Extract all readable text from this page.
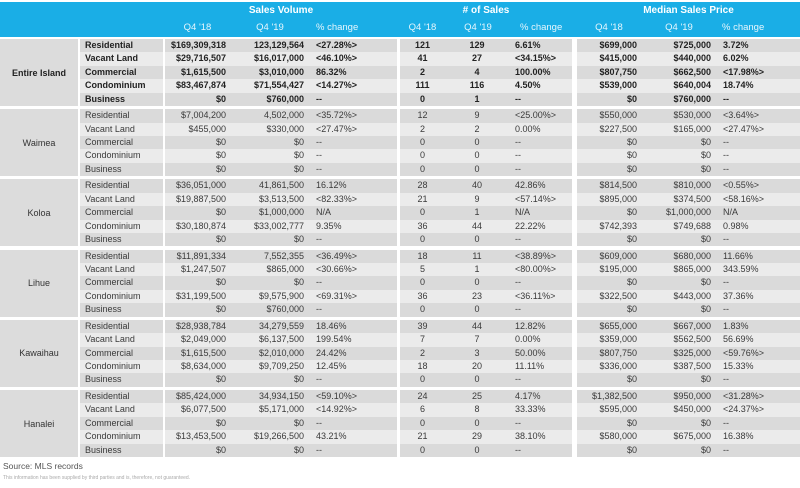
Sales Volume	# of Sales	Median Sales Price
Q4 '18	Q4 '19	% change	Q4 '18	Q4 '19	% change	Q4 '18	Q4 '19	% change
Entire Island
Residential	$169,309,318	123,129,564	<27.28%>	121	129	6.61%	$699,000	$725,000	3.72%
Vacant Land	$29,716,507	$16,017,000	<46.10%>	41	27	<34.15%>	$415,000	$440,000	6.02%
Commercial	$1,615,500	$3,010,000	86.32%	2	4	100.00%	$807,750	$662,500	<17.98%>
Condominium	$83,467,874	$71,554,427	<14.27%>	111	116	4.50%	$539,000	$640,004	18.74%
Business	$0	$760,000	--	0	1	--	$0	$760,000	--
Waimea
Residential	$7,004,200	4,502,000	<35.72%>	12	9	<25.00%>	$550,000	$530,000	<3.64%>
Vacant Land	$455,000	$330,000	<27.47%>	2	2	0.00%	$227,500	$165,000	<27.47%>
Commercial	$0	$0	--	0	0	--	$0	$0	--
Condominium	$0	$0	--	0	0	--	$0	$0	--
Business	$0	$0	--	0	0	--	$0	$0	--
Koloa
Residential	$36,051,000	41,861,500	16.12%	28	40	42.86%	$814,500	$810,000	<0.55%>
Vacant Land	$19,887,500	$3,513,500	<82.33%>	21	9	<57.14%>	$895,000	$374,500	<58.16%>
Commercial	$0	$1,000,000	N/A	0	1	N/A	$0	$1,000,000	N/A
Condominium	$30,180,874	$33,002,777	9.35%	36	44	22.22%	$742,393	$749,688	0.98%
Business	$0	$0	--	0	0	--	$0	$0	--
Lihue
Residential	$11,891,334	7,552,355	<36.49%>	18	11	<38.89%>	$609,000	$680,000	11.66%
Vacant Land	$1,247,507	$865,000	<30.66%>	5	1	<80.00%>	$195,000	$865,000	343.59%
Commercial	$0	$0	--	0	0	--	$0	$0	--
Condominium	$31,199,500	$9,575,900	<69.31%>	36	23	<36.11%>	$322,500	$443,000	37.36%
Business	$0	$760,000	--	0	0	--	$0	$0	--
Kawaihau
Residential	$28,938,784	34,279,559	18.46%	39	44	12.82%	$655,000	$667,000	1.83%
Vacant Land	$2,049,000	$6,137,500	199.54%	7	7	0.00%	$359,000	$562,500	56.69%
Commercial	$1,615,500	$2,010,000	24.42%	2	3	50.00%	$807,750	$325,000	<59.76%>
Condominium	$8,634,000	$9,709,250	12.45%	18	20	11.11%	$336,000	$387,500	15.33%
Business	$0	$0	--	0	0	--	$0	$0	--
Hanalei
Residential	$85,424,000	34,934,150	<59.10%>	24	25	4.17%	$1,382,500	$950,000	<31.28%>
Vacant Land	$6,077,500	$5,171,000	<14.92%>	6	8	33.33%	$595,000	$450,000	<24.37%>
Commercial	$0	$0	--	0	0	--	$0	$0	--
Condominium	$13,453,500	$19,266,500	43.21%	21	29	38.10%	$580,000	$675,000	16.38%
Business	$0	$0	--	0	0	--	$0	$0	--
Source: MLS records
This information has been supplied by third parties and is, therefore, not guaranteed.
